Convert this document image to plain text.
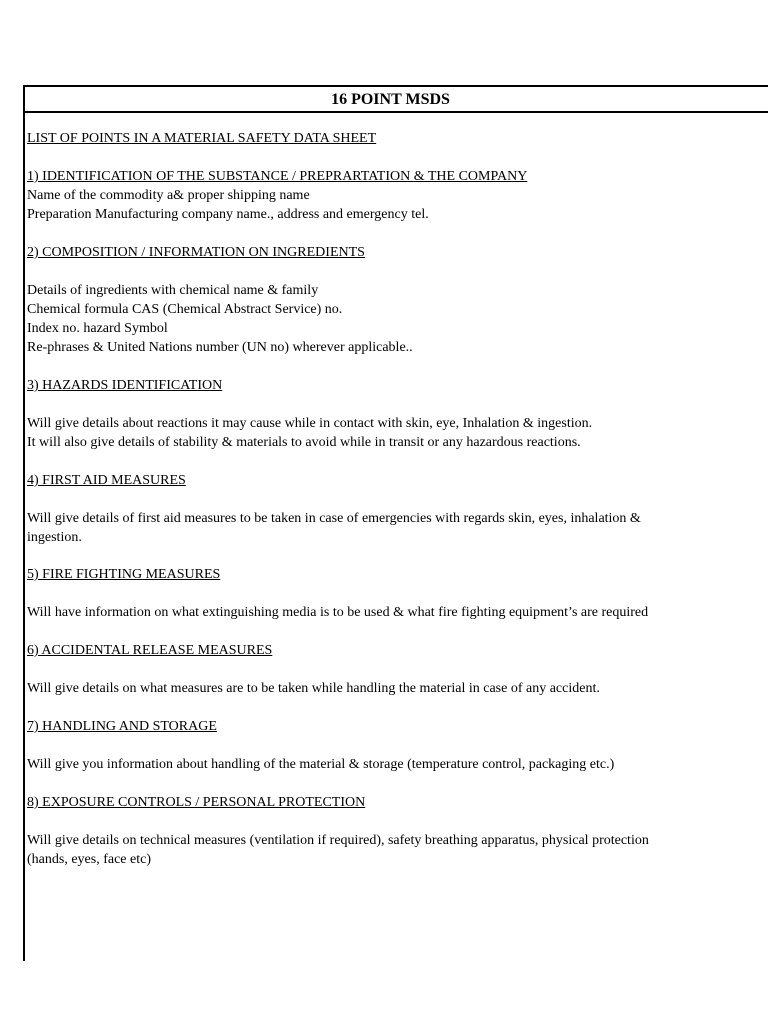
16 POINT MSDS
LIST OF POINTS IN A MATERIAL SAFETY DATA SHEET
1) IDENTIFICATION OF THE SUBSTANCE / PREPRARTATION & THE COMPANY
Name of the commodity a& proper shipping name
Preparation Manufacturing company name., address and emergency tel.
2) COMPOSITION / INFORMATION ON INGREDIENTS
Details of ingredients with chemical name & family
Chemical formula CAS (Chemical Abstract Service) no.
Index no. hazard Symbol
Re-phrases & United Nations number (UN no) wherever applicable..
3) HAZARDS IDENTIFICATION
Will give details about reactions it may cause while in contact with skin, eye, Inhalation & ingestion.
It will also give details of stability & materials to avoid while in transit or any hazardous reactions.
4) FIRST AID MEASURES
Will give details of first aid measures to be taken in case of emergencies with regards skin, eyes, inhalation &
ingestion.
5) FIRE FIGHTING MEASURES
Will have information on what extinguishing media is to be used & what fire fighting equipment’s are required
6) ACCIDENTAL RELEASE MEASURES
Will give details on what measures are to be taken while handling the material in case of any accident.
7) HANDLING AND STORAGE
Will give you information about handling of the material & storage (temperature control, packaging etc.)
8) EXPOSURE CONTROLS / PERSONAL PROTECTION
Will give details on technical measures (ventilation if required), safety breathing apparatus, physical protection
(hands, eyes, face etc)
